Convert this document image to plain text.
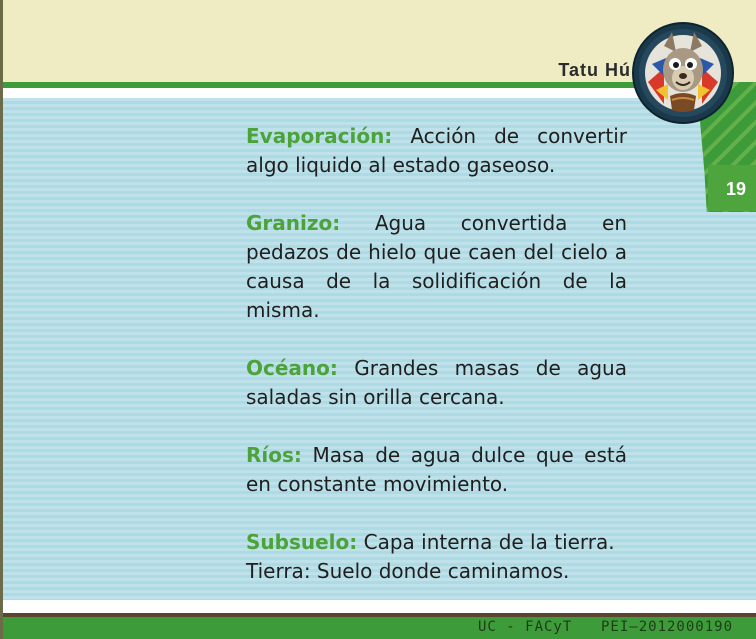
19
Tatu Hú

Evaporación: Acción de convertir algo liquido al estado gaseoso.

Granizo: Agua convertida en pedazos de hielo que caen del cielo a causa de la solidificación de la misma.

Océano: Grandes masas de agua saladas sin orilla cercana.

Ríos: Masa de agua dulce que está en constante movimiento.

Subsuelo: Capa interna de la tierra.
Tierra: Suelo donde caminamos.

UC - FACyT PEI–2012000190
